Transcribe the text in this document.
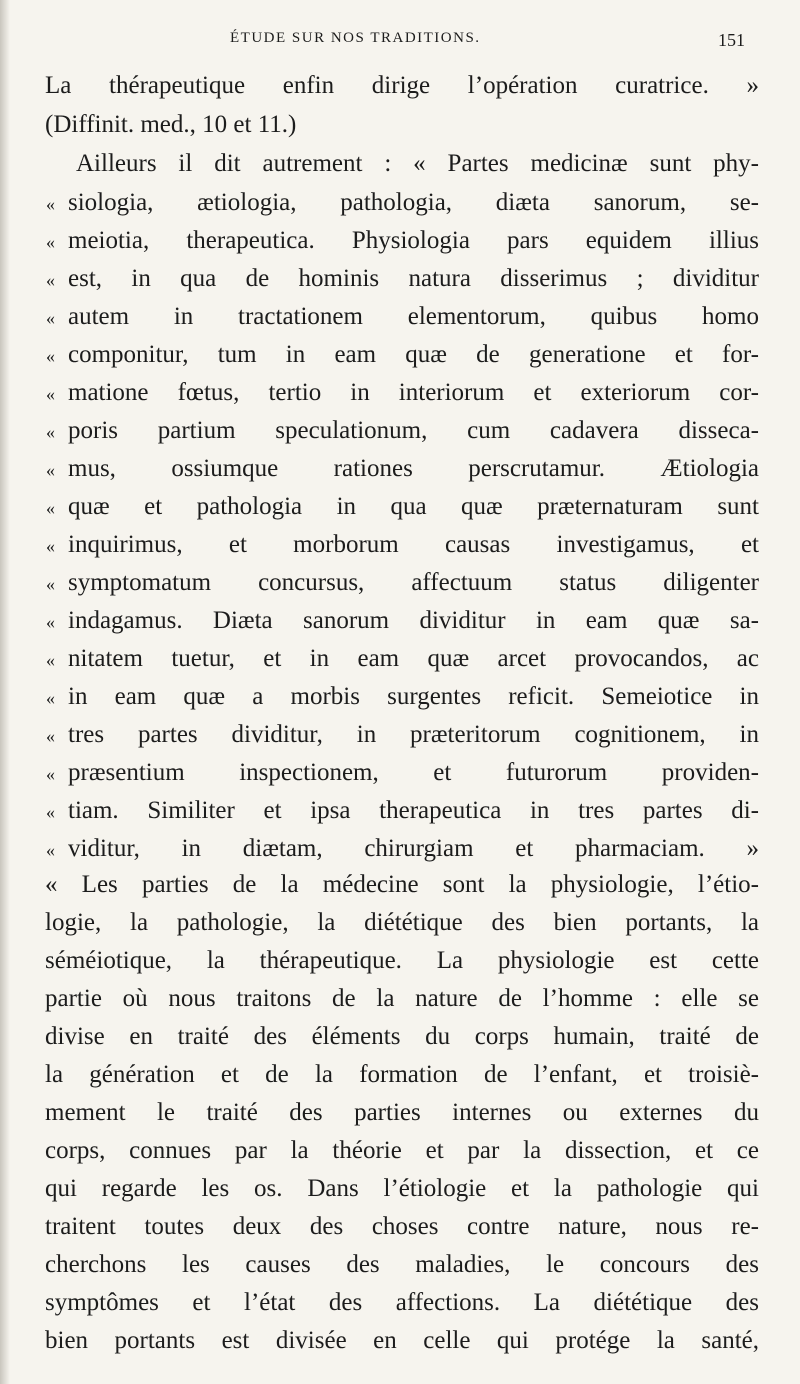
ÉTUDE SUR NOS TRADITIONS.	151
La thérapeutique enfin dirige l’opération curatrice. »
(Diffinit. med., 10 et 11.)
Ailleurs il dit autrement : « Partes medicinæ sunt phy-
« siologia, ætiologia, pathologia, diæta sanorum, se-
« meiotia, therapeutica. Physiologia pars equidem illius
« est, in qua de hominis natura disserimus ; dividitur
« autem in tractationem elementorum, quibus homo
« componitur, tum in eam quæ de generatione et for-
« matione fœtus, tertio in interiorum et exteriorum cor-
« poris partium speculationum, cum cadavera disseca-
« mus, ossiumque rationes perscrutamur. Ætiologia
« quæ et pathologia in qua quæ præternaturam sunt
« inquirimus, et morborum causas investigamus, et
« symptomatum concursus, affectuum status diligenter
« indagamus. Diæta sanorum dividitur in eam quæ sa-
« nitatem tuetur, et in eam quæ arcet provocandos, ac
« in eam quæ a morbis surgentes reficit. Semeiotice in
« tres partes dividitur, in præteritorum cognitionem, in
« præsentium inspectionem, et futurorum providen-
« tiam. Similiter et ipsa therapeutica in tres partes di-
« viditur, in diætam, chirurgiam et pharmaciam. »
« Les parties de la médecine sont la physiologie, l’étio-
logie, la pathologie, la diététique des bien portants, la
séméiotique, la thérapeutique. La physiologie est cette
partie où nous traitons de la nature de l’homme : elle se
divise en traité des éléments du corps humain, traité de
la génération et de la formation de l’enfant, et troisiè-
mement le traité des parties internes ou externes du
corps, connues par la théorie et par la dissection, et ce
qui regarde les os. Dans l’étiologie et la pathologie qui
traitent toutes deux des choses contre nature, nous re-
cherchons les causes des maladies, le concours des
symptômes et l’état des affections. La diététique des
bien portants est divisée en celle qui protége la santé,
